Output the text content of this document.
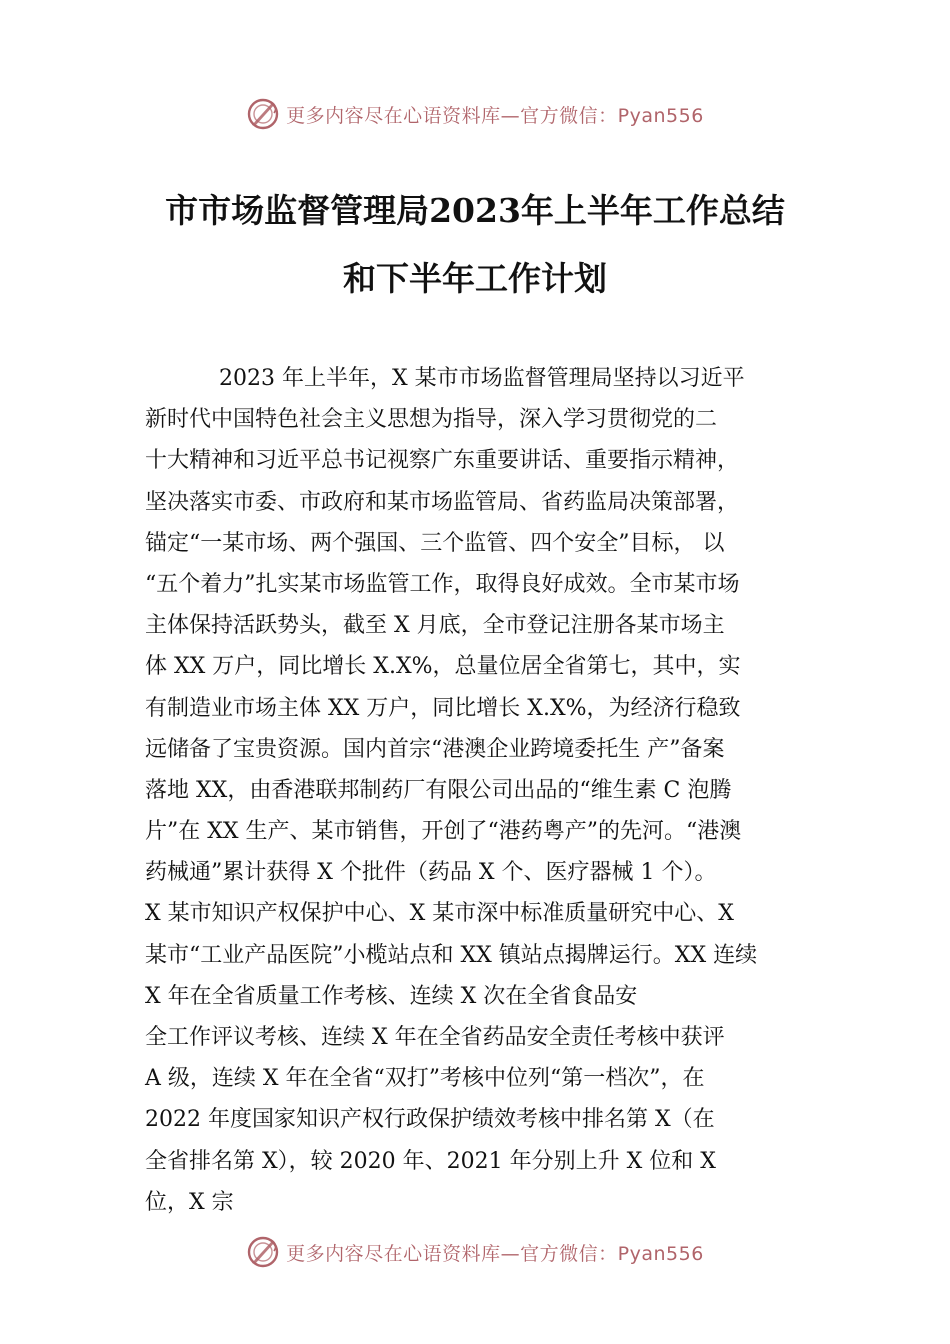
更多内容尽在心语资料库—官方微信：Pyan556
市市场监督管理局2023年上半年工作总结
和下半年工作计划
2023 年上半年，X 某市市场监督管理局坚持以习近平
新时代中国特色社会主义思想为指导，深入学习贯彻党的二
十大精神和习近平总书记视察广东重要讲话、重要指示精神，
坚决落实市委、市政府和某市场监管局、省药监局决策部署，
锚定“一某市场、两个强国、三个监管、四个安全”目标， 以
“五个着力”扎实某市场监管工作，取得良好成效。全市某市场
主体保持活跃势头，截至 X 月底，全市登记注册各某市场主
体 XX 万户，同比增长 X.X%，总量位居全省第七，其中，实
有制造业市场主体 XX 万户，同比增长 X.X%，为经济行稳致
远储备了宝贵资源。国内首宗“港澳企业跨境委托生 产”备案
落地 XX，由香港联邦制药厂有限公司出品的“维生素 C 泡腾
片”在 XX 生产、某市销售，开创了“港药粤产”的先河。“港澳
药械通”累计获得 X 个批件（药品 X 个、医疗器械 1 个）。
X 某市知识产权保护中心、X 某市深中标准质量研究中心、X
某市“工业产品医院”小榄站点和 XX 镇站点揭牌运行。XX 连续
X 年在全省质量工作考核、连续 X 次在全省食品安
全工作评议考核、连续 X 年在全省药品安全责任考核中获评
A 级，连续 X 年在全省“双打”考核中位列“第一档次”，在
2022 年度国家知识产权行政保护绩效考核中排名第 X（在
全省排名第 X），较 2020 年、2021 年分别上升 X 位和 X
位，X 宗
更多内容尽在心语资料库—官方微信：Pyan556
